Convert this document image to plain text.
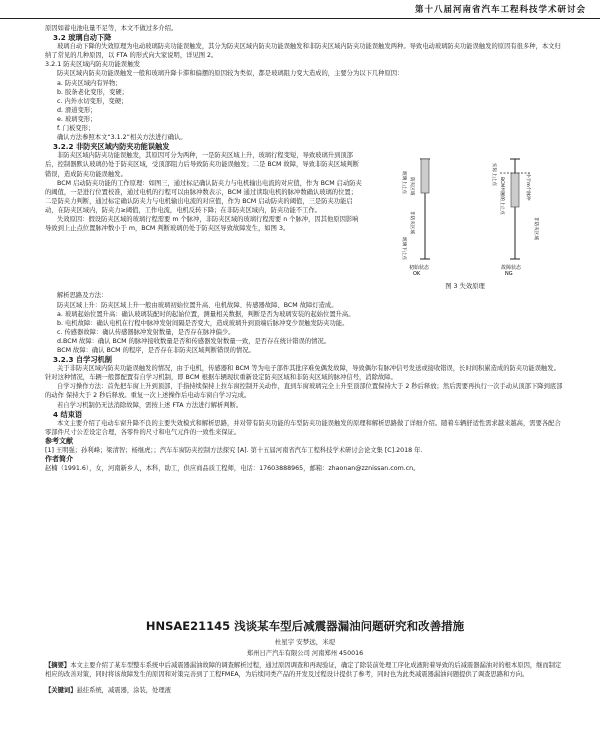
第十八届河南省汽车工程科技学术研讨会

原因如蓄电池电量不足等，本文不做过多介绍。

3.2 玻璃自动下降

玻璃自动下降的失效原理为电动玻璃防夹功能误触发，其分为防夹区域内防夹功能误触发和非防夹区域内防夹功能误触发两种。导致电动玻璃防夹功能误触发的原因有很多种，本文归纳了常见的几种原因，以 FTA 的形式向大家说明，详见图 2。

3.2.1 防夹区域内防夹功能误触发

防夹区域内防夹功能误触发一般和玻璃升降卡滞和偏摆的原因较为类似，都是玻璃阻力变大造成的，主要分为以下几种原因：

a. 防夹区域内有异物；

b. 胶条老化变形，变硬；

c. 内外水切变形，变硬；

d. 滑道变形；

e. 玻璃变形；

f. 门板变形；

确认方法参照本文“3.1.2”相关方法进行确认。

3.2.2 非防夹区域内防夹功能误触发

非防夹区域内防夹功能误触发，其原因可分为两种，一是防夹区域上升，玻璃行程变短，导致玻璃升到顶部后，控制器默认玻璃仍处于防夹区域，受顶部阻力后导致防夹功能误触发；二是 BCM 故障，导致非防夹区域判断错误，造成防夹功能误触发。

BCM 启动防夹功能的工作原理：如图三，通过标记确认防夹力与电机输出电流的对应值，作为 BCM 启动防夹的阈值，一是进行位置校准，通过电机的行程可以由脉冲数表示，BCM 通过读取电机的脉冲数确认玻璃的位置；二是防夹力判断，通过标定确认防夹力与电机输出电流的对应值，作为 BCM 启动防夹的阈值，三是防夹功能启动，在防夹区域内，防夹力≥阈值，工作电流，电机反转下降；在非防夹区域内，防夹功能不工作。

失效原因：假设防夹区域的玻璃行程需要 m 个脉冲，非防夹区域的玻璃行程需要 n 个脉冲，因其他原因影响导致到上止点位置脉冲数小于 m，BCM 判断玻璃仍处于防夹区导致故障发生，如图 3。

玻璃上止点 防夹区域
非防夹区域
玻璃下止点
初始状态 OK
小于m个脉冲
实际上止点
BCM判断的上止点
非防夹区域
故障状态 NG
图 3 失效原理

解析思路及方法：

防夹区域上升：防夹区域上升一般由玻璃初始位置升高、电机故障、传感器故障、BCM 故障灯造成。

a. 玻璃起始位置升高：确认玻璃装配时的起始位置，测量相关数据，判断是否为玻璃安装的起始位置升高。

b. 电机故障：确认电机在行程中脉冲发射间隔是否变大，造成玻璃升到顶端后脉冲变少误触发防夹功能。

c. 传感器故障：确认传感器脉冲发射数量，是否存在脉冲偏少。

d.BCM 故障：确认 BCM 的脉冲接收数量是否和传感器发射数量一致，是否存在统计错误的情况。

BCM 故障：确认 BCM 的程序，是否存在非防夹区域判断错误的情况。

3.2.3 自学习机制

关于非防夹区域内防夹功能误触发的情况，由于电机，传感器和 BCM 等为电子部件其批序难免偶发故障，导致偶尔有脉冲信号发送或接收错误，长时间积累造成的防夹功能误触发。针对这种情况，车辆一般都配置有自学习机制，即 BCM 根据车辆现状重新设定防夹区域和非防夹区域的脉冲信号，消除故障。

自学习操作方法：首先把车窗上升到顶部，手指持续保持上拉车窗控制开关动作，直到车窗玻璃完全上升至顶部位置保持大于 2 秒后释放；然后需要再执行一次手动从顶部下降到底部的动作 保持大于 2 秒后释放。重复一次上述操作后电动车窗自学习完成。

若自学习机制仍无法消除故障，需按上述 FTA 方法进行解析判断。

4 结束语

本文主要介绍了电动车窗升降不良的主要失效模式和解析思路，并对带有防夹功能的车型防夹功能误触发的原理和解析思路做了详细介绍。随着车辆舒适性需求越来越高，需要各配合零部件尺寸公差设定合理，各零件的尺寸和电气元件的一致性来保证。

参考文献

[1] 王明强；孙利峰；梁清智；杨继虎；；汽车车窗防夹控制方法探究 [A]. 第十五届河南省汽车工程科技学术研讨会论文集 [C].2018 年.

作者简介

赵楠（1991.6），女，河南新乡人，本科，助工，供应商品质工程师，电话：17603888965，邮箱：zhaonan@zznissan.com.cn。

HNSAE21145 浅谈某车型后减震器漏油问题研究和改善措施
杜星宇 安梦远，米堤
郑州日产汽车有限公司 河南郑州 450016

【摘要】本文主要介绍了某车型整车系统中后减震器漏油故障的调查解析过程，通过原因调查和再现验证，确定了除装前处理工序化成液附着导致的后减震器漏油对的根本原因，继而制定相应的改善对策，同时将该故障发生的原因和对策完善到了工程FMEA，为后续同类产品的开发及过程设计提供了参考，同时也为此类减震器漏油问题提供了调查思路和方向。

【关键词】悬挂系统，减震器，涂装，处理液
